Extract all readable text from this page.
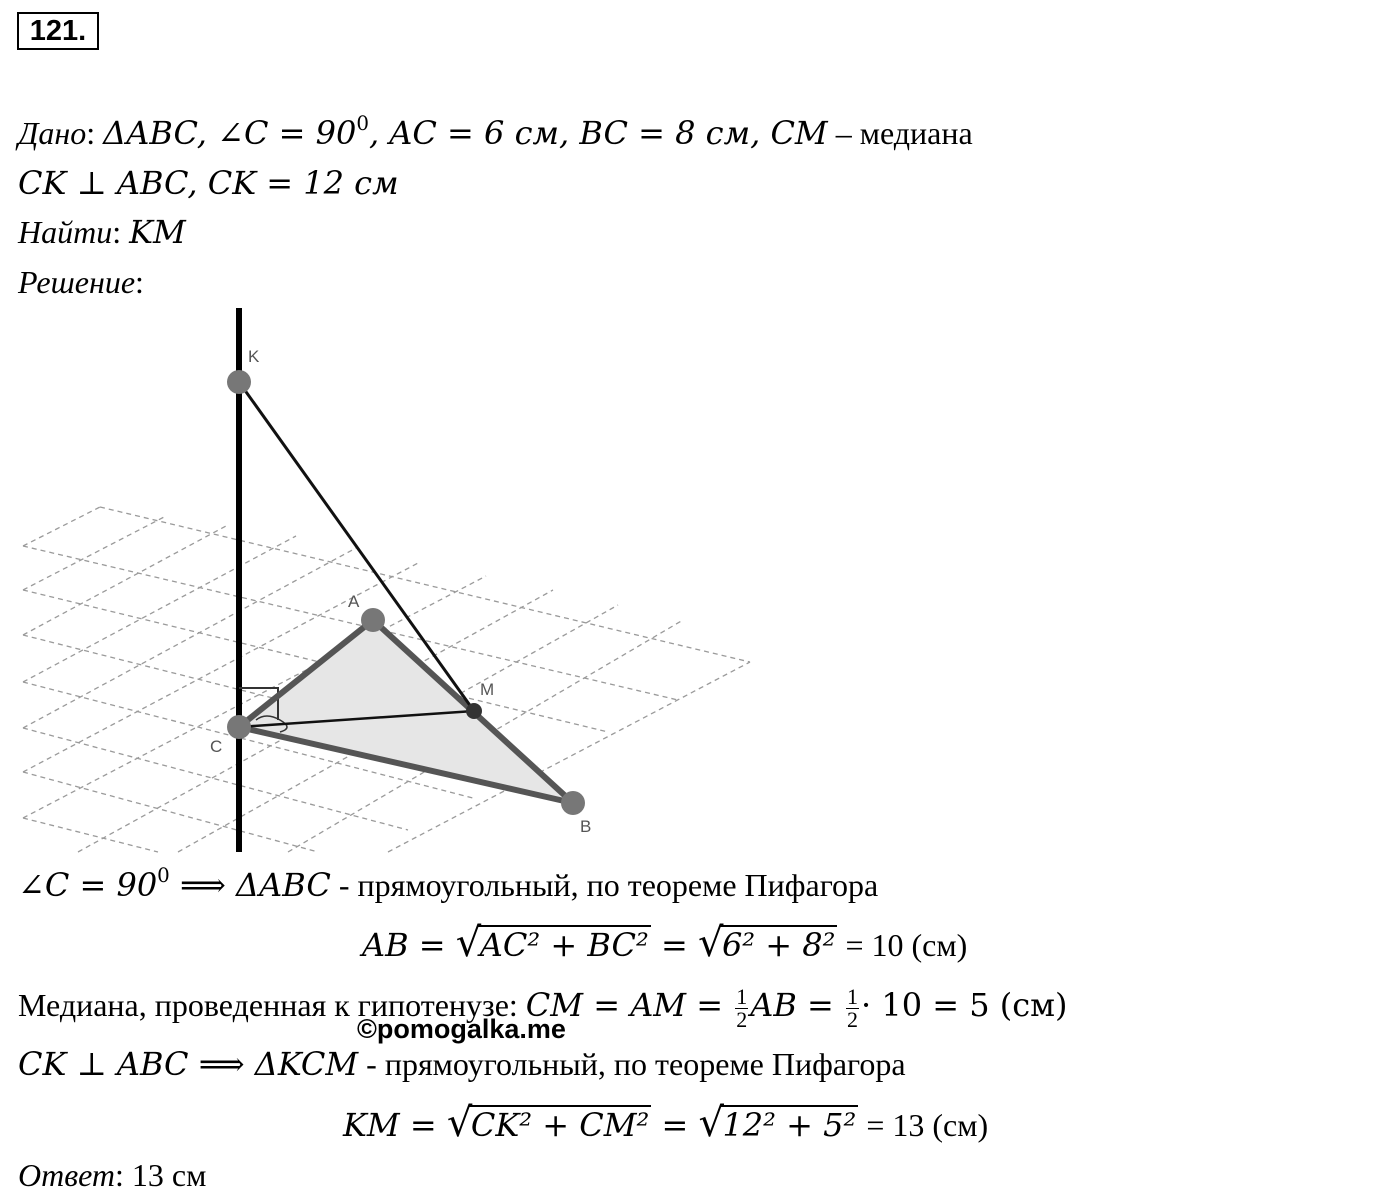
121.
Дано: ΔABC, ∠C = $90^0$, AC = 6 см, BC = 8 см, CM – медиана
CK ⊥ ABC, CK = 12 см
Найти: KM
Решение:
K
A
M
C
B
∠C = $90^0$ ⟹ ΔABC - прямоугольный, по теореме Пифагора
AB = √
AC² + BC² = √
6² + 8² = 10 (см)
Медиана, проведенная к гипотенузе: CM = AM = $\frac{1}{2}$ AB = $\frac{1}{2} \cdot 10 = 5$ (см)
©pomogalka.me
CK ⊥ ABC ⟹ ΔKCM - прямоугольный, по теореме Пифагора
KM = √
CK² + CM² = √
12² + 5² = 13 (см)
Ответ: 13 см
